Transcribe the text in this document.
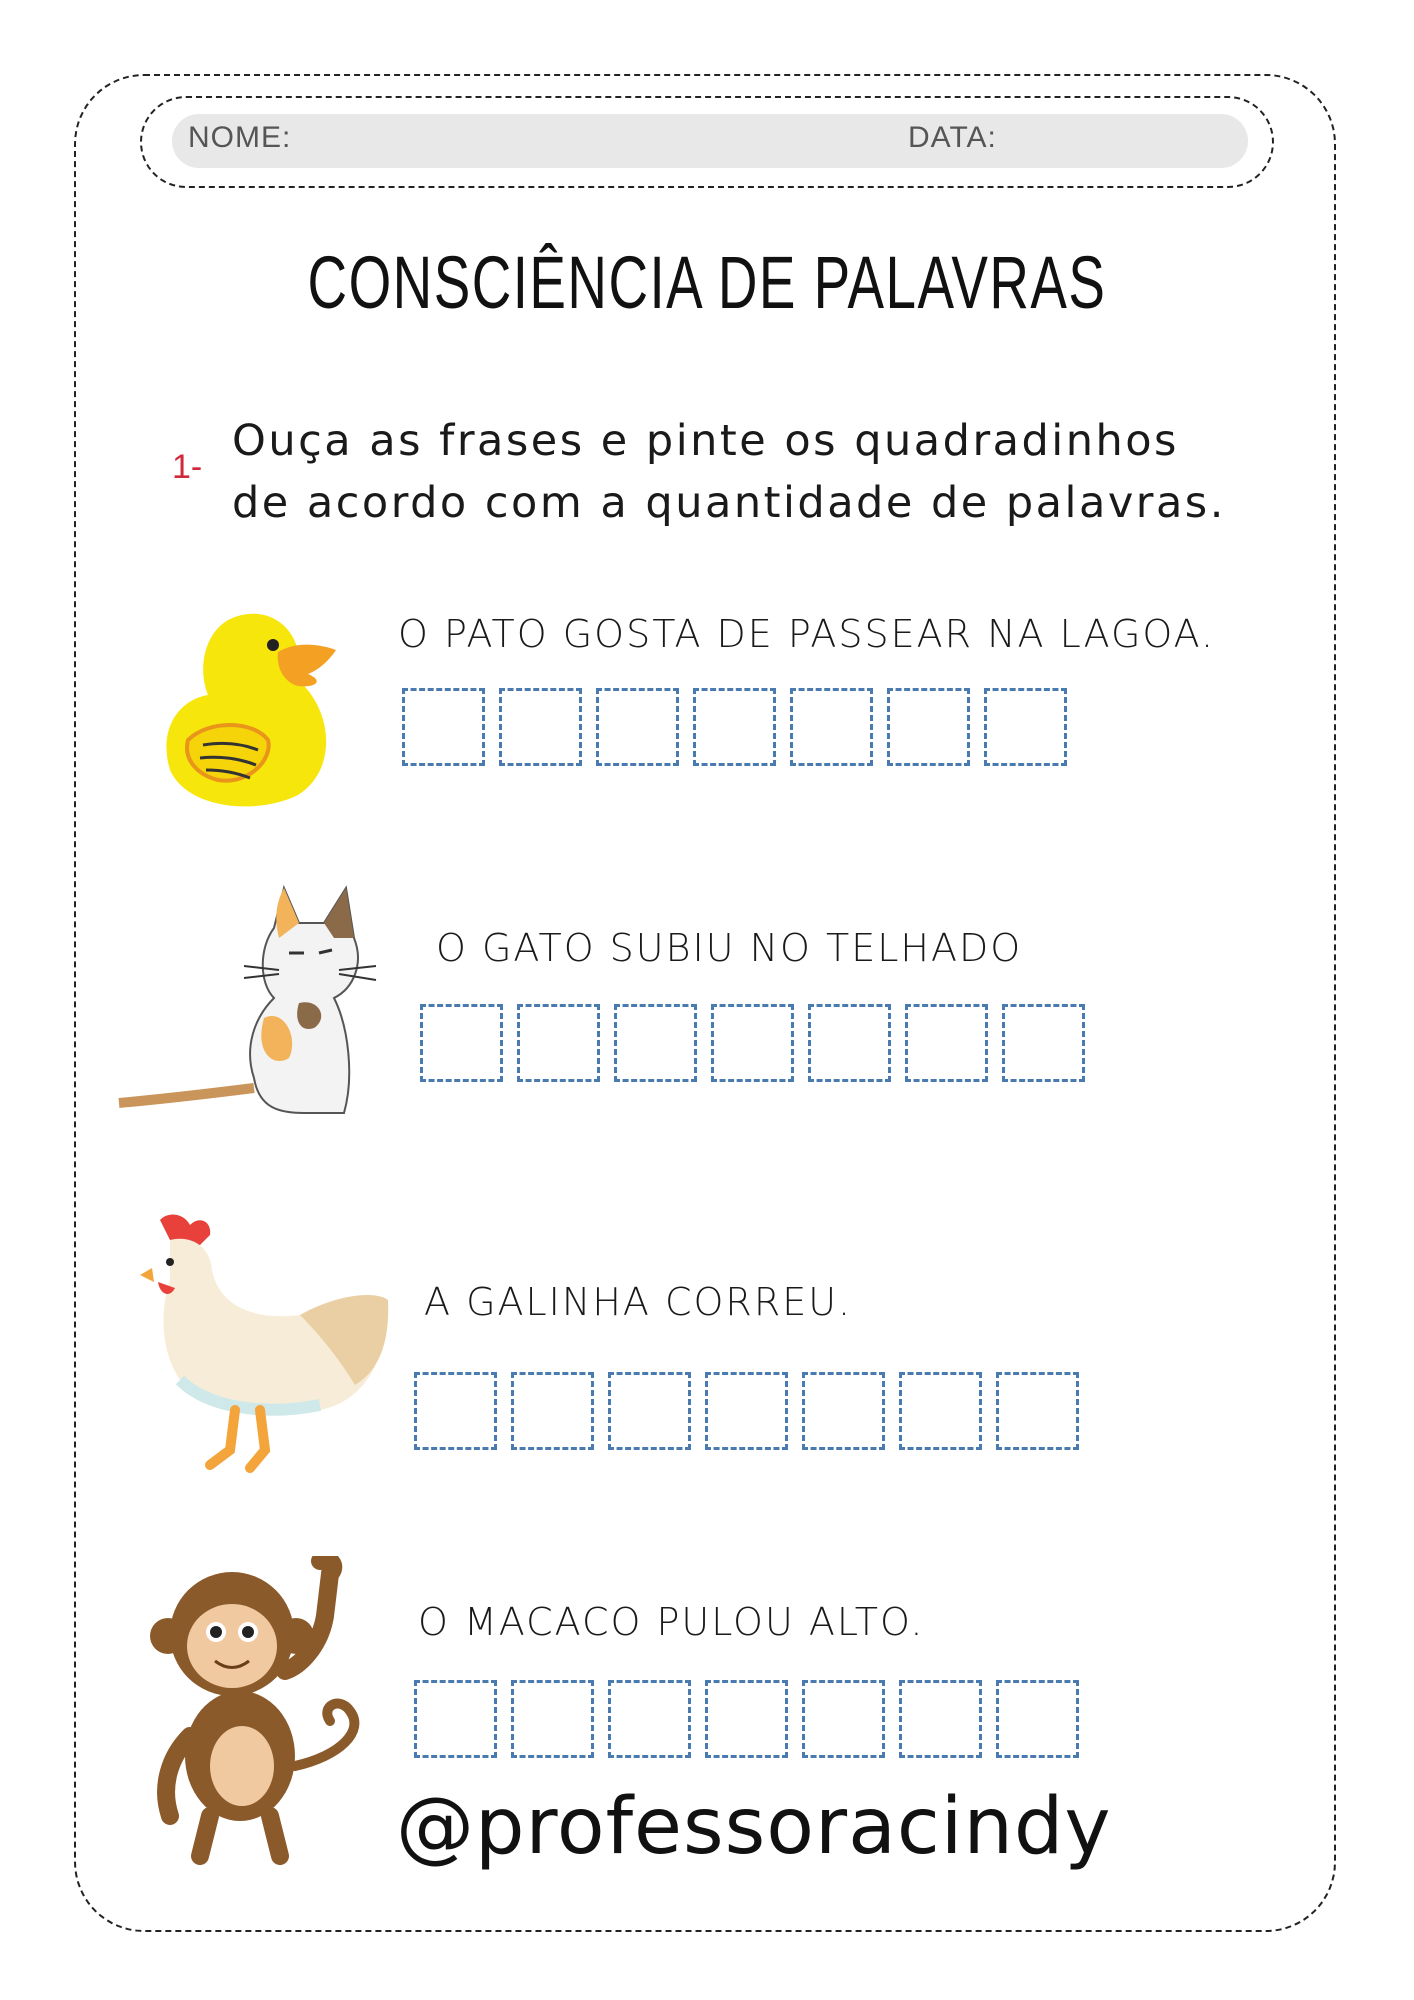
NOME:	DATA:
CONSCIÊNCIA DE PALAVRAS
1-
Ouça as frases e pinte os quadradinhos
de acordo com a quantidade de palavras.
O PATO GOSTA DE PASSEAR NA LAGOA.
O GATO SUBIU NO TELHADO
A GALINHA CORREU.
O MACACO PULOU ALTO.
@professoracindy
